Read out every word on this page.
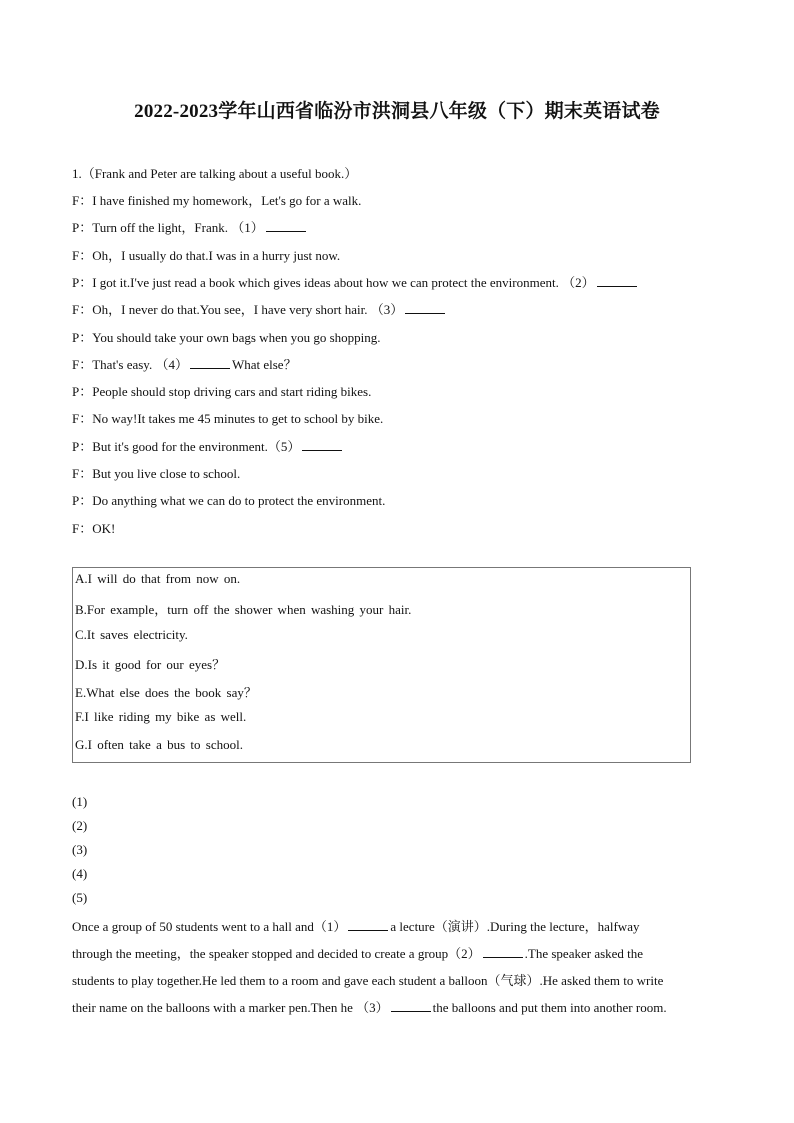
2022-2023学年山西省临汾市洪洞县八年级（下）期末英语试卷
1.（Frank and Peter are talking about a useful book.）
F：I have finished my homework，Let's go for a walk.
P：Turn off the light，Frank. （1）
F：Oh，I usually do that.I was in a hurry just now.
P：I got it.I've just read a book which gives ideas about how we can protect the environment. （2）
F：Oh，I never do that.You see，I have very short hair. （3）
P：You should take your own bags when you go shopping.
F：That's easy. （4）	What else？
P：People should stop driving cars and start riding bikes.
F：No way!It takes me 45 minutes to get to school by bike.
P：But it's good for the environment.（5）
F：But you live close to school.
P：Do anything what we can do to protect the environment.
F：OK!
A.I will do that from now on.
B.For example，turn off the shower when washing your hair.
C.It saves electricity.
D.Is it good for our eyes？
E.What else does the book say？
F.I like riding my bike as well.
G.I often take a bus to school.
(1)
(2)
(3)
(4)
(5)
Once a group of 50 students went to a hall and（1）	a lecture（演讲）.During the lecture，halfway
through the meeting，the speaker stopped and decided to create a group（2）	.The speaker asked the
students to play together.He led them to a room and gave each student a balloon（气球）.He asked them to write
their name on the balloons with a marker pen.Then he （3）	the balloons and put them into another room.
